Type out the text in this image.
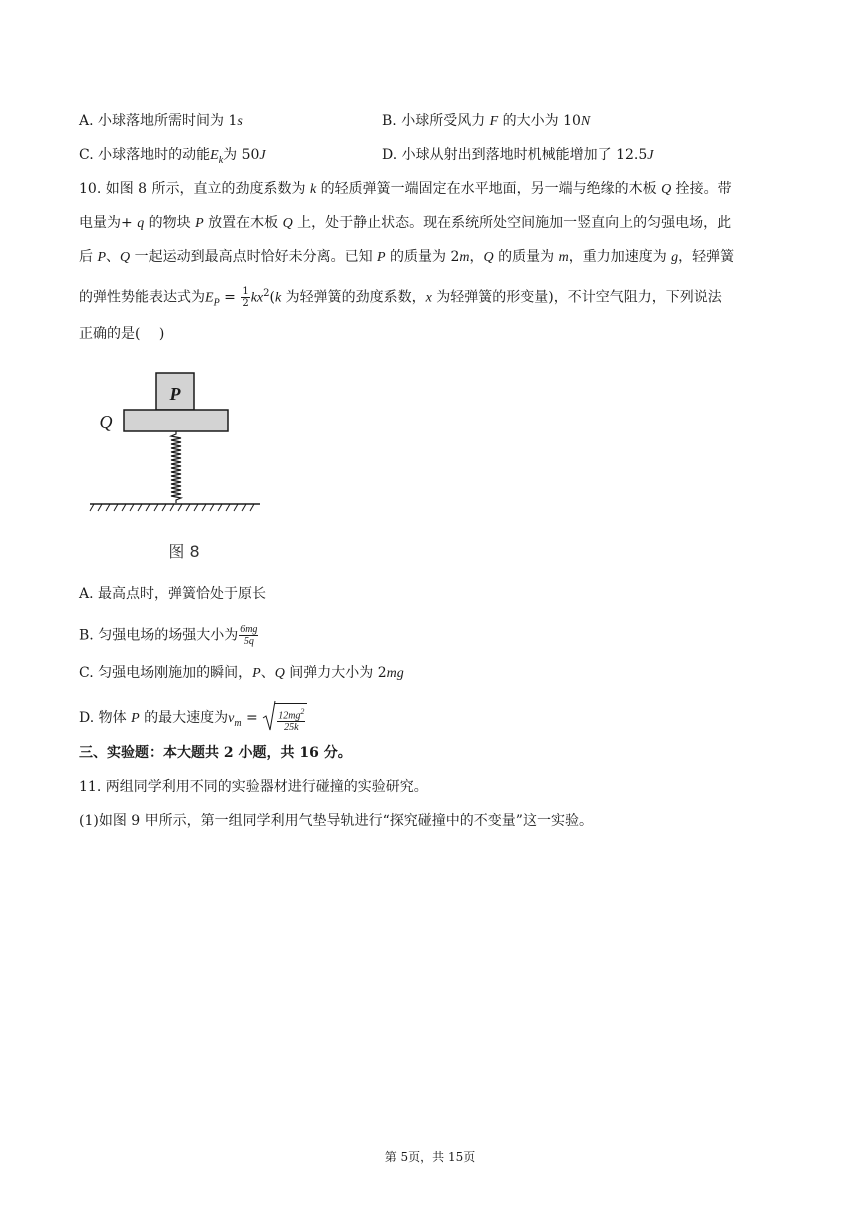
A. 小球落地所需时间为 1s	B. 小球所受风力 F 的大小为 10N
C. 小球落地时的动能$E_k$为 50J	D. 小球从射出到落地时机械能增加了 12.5J
10. 如图 8 所示，直立的劲度系数为 k 的轻质弹簧一端固定在水平地面，另一端与绝缘的木板 Q 拴接。带
电量为+ q 的物块 P 放置在木板 Q 上，处于静止状态。现在系统所处空间施加一竖直向上的匀强电场，此
后 P、Q 一起运动到最高点时恰好未分离。已知 P 的质量为 2m，Q 的质量为 m，重力加速度为 g，轻弹簧
的弹性势能表达式为$E_P = \frac{1}{2} kx^2(k$ 为轻弹簧的劲度系数，x 为轻弹簧的形变量)，不计空气阻力，下列说法
正确的是(　 )
P
Q
图 8
A. 最高点时，弹簧恰处于原长
B. 匀强电场的场强大小为 $\frac{6mg}{5q}$
C. 匀强电场刚施加的瞬间，P、Q 间弹力大小为 2mg
D. 物体 P 的最大速度为$v_m = \frac{12mg^2}{25k}$
三、实验题：本大题共 2 小题，共 16 分。
11. 两组同学利用不同的实验器材进行碰撞的实验研究。
(1)如图 9 甲所示，第一组同学利用气垫导轨进行“探究碰撞中的不变量”这一实验。
第 5页，共 15页
